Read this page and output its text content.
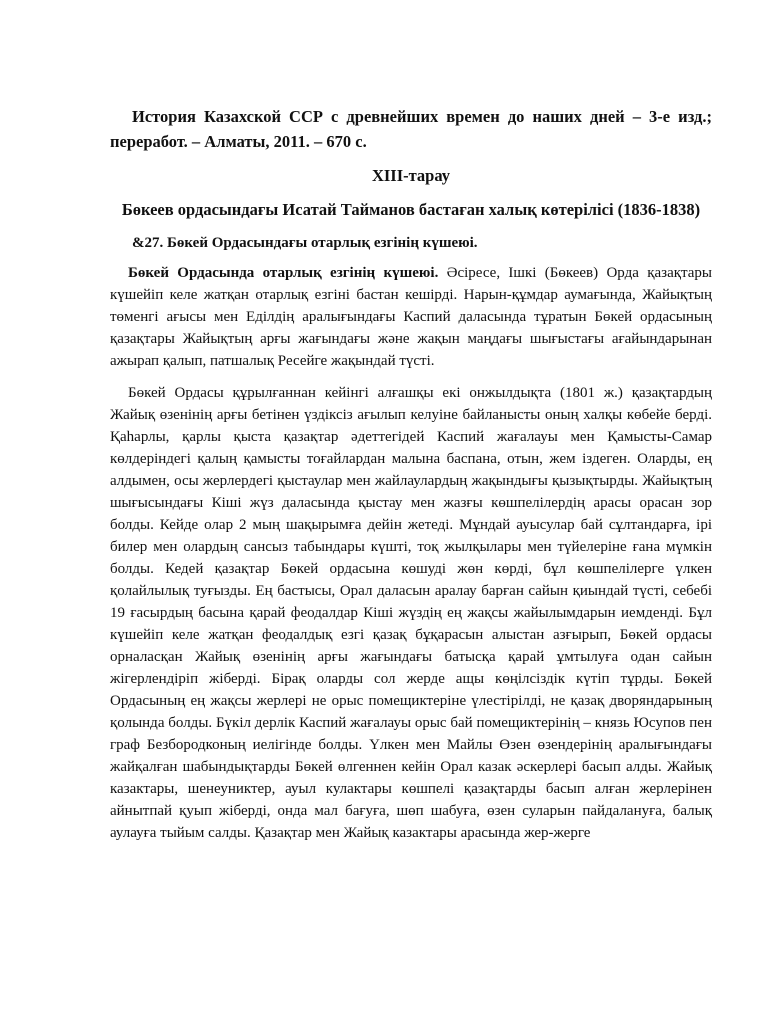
История Казахской ССР с древнейших времен до наших дней – 3-е изд.; переработ. – Алматы, 2011. – 670 с.

XIII-тарау

Бөкеев ордасындағы Исатай Тайманов бастаған халық көтерілісі (1836-1838)

&27. Бөкей Ордасындағы отарлық езгінің күшеюі.

Бөкей Ордасында отарлық езгінің күшеюі. Әсіресе, Ішкі (Бөкеев) Орда қазақтары күшейіп келе жатқан отарлық езгіні бастан кешірді. Нарын-құмдар аумағында, Жайықтың төменгі ағысы мен Еділдің аралығындағы Каспий даласында тұратын Бөкей ордасының қазақтары Жайықтың арғы жағындағы және жақын маңдағы шығыстағы ағайындарынан ажырап қалып, патшалық Ресейге жақындай түсті.

Бөкей Ордасы құрылғаннан кейінгі алғашқы екі онжылдықта (1801 ж.) қазақтардың Жайық өзенінің арғы бетінен үздіксіз ағылып келуіне байланысты оның халқы көбейе берді. Қаһарлы, қарлы қыста қазақтар әдеттегідей Каспий жағалауы мен Қамысты-Самар көлдеріндегі қалың қамысты тоғайлардан малына баспана, отын, жем іздеген. Оларды, ең алдымен, осы жерлердегі қыстаулар мен жайлаулардың жақындығы қызықтырды. Жайықтың шығысындағы Кіші жүз даласында қыстау мен жазғы көшпелілердің арасы орасан зор болды. Кейде олар 2 мың шақырымға дейін жетеді. Мұндай ауысулар бай сұлтандарға, ірі билер мен олардың сансыз табындары күшті, тоқ жылқылары мен түйелеріне ғана мүмкін болды. Кедей қазақтар Бөкей ордасына көшуді жөн көрді, бұл көшпелілерге үлкен қолайлылық туғызды. Ең бастысы, Орал даласын аралау барған сайын қиындай түсті, себебі 19 ғасырдың басына қарай феодалдар Кіші жүздің ең жақсы жайылымдарын иемденді. Бұл күшейіп келе жатқан феодалдық езгі қазақ бұқарасын алыстан азғырып, Бөкей ордасы орналасқан Жайық өзенінің арғы жағындағы батысқа қарай ұмтылуға одан сайын жігерлендіріп жіберді. Бірақ оларды сол жерде ащы көңілсіздік күтіп тұрды. Бөкей Ордасының ең жақсы жерлері не орыс помещиктеріне үлестірілді, не қазақ дворяндарының қолында болды. Бүкіл дерлік Каспий жағалауы орыс бай помещиктерінің – князь Юсупов пен граф Безбородконың иелігінде болды. Үлкен мен Майлы Өзен өзендерінің аралығындағы жайқалған шабындықтарды Бөкей өлгеннен кейін Орал казак әскерлері басып алды. Жайық казактары, шенеуниктер, ауыл кулактары көшпелі қазақтарды басып алған жерлерінен айнытпай қуып жіберді, онда мал бағуға, шөп шабуға, өзен суларын пайдалануға, балық аулауға тыйым салды. Қазақтар мен Жайық казактары арасында жер-жерге
